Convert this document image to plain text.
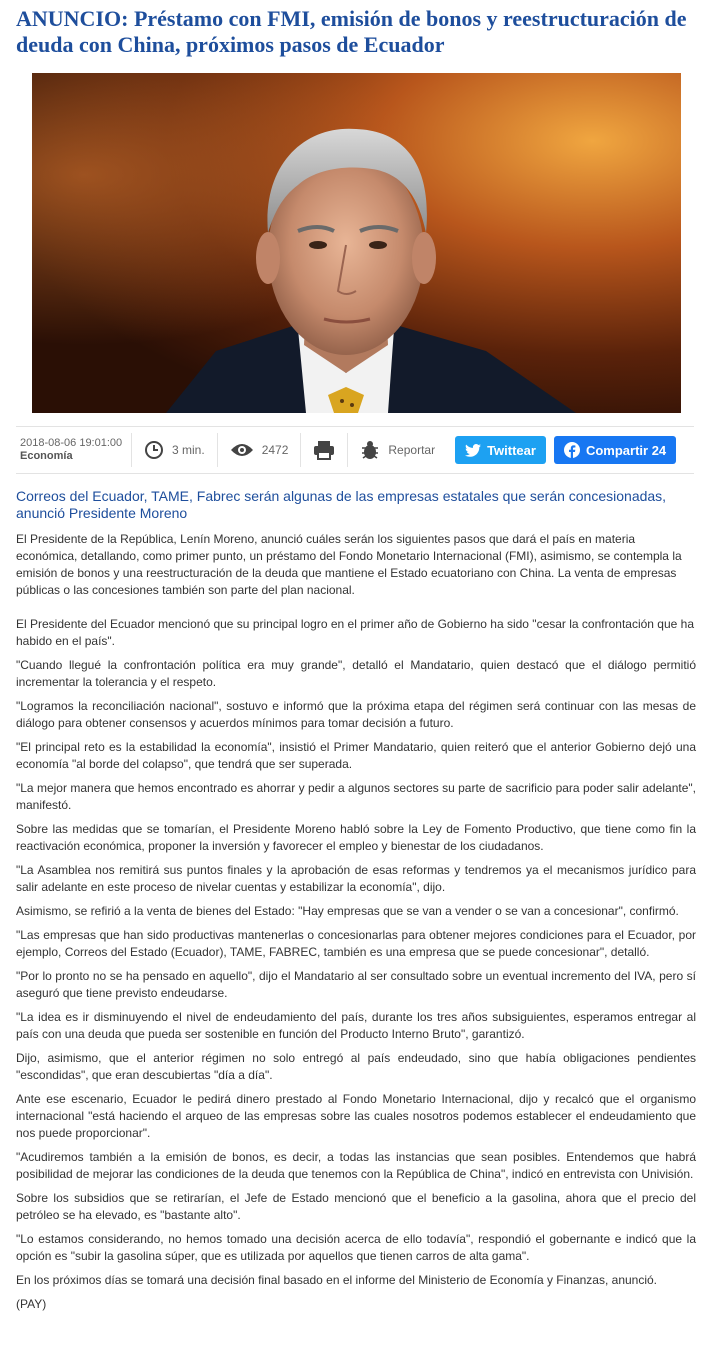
ANUNCIO: Préstamo con FMI, emisión de bonos y reestructuración de deuda con China, próximos pasos de Ecuador
2018-08-06 19:01:00
Economía	3 min.	2472	Reportar	Twittear	Compartir 24

Correos del Ecuador, TAME, Fabrec serán algunas de las empresas estatales que serán concesionadas, anunció Presidente Moreno

El Presidente de la República, Lenín Moreno, anunció cuáles serán los siguientes pasos que dará el país en materia económica, detallando, como primer punto, un préstamo del Fondo Monetario Internacional (FMI), asimismo, se contempla la emisión de bonos y una reestructuración de la deuda que mantiene el Estado ecuatoriano con China. La venta de empresas públicas o las concesiones también son parte del plan nacional.

El Presidente del Ecuador mencionó que su principal logro en el primer año de Gobierno ha sido "cesar la confrontación que ha habido en el país".

"Cuando llegué la confrontación política era muy grande", detalló el Mandatario, quien destacó que el diálogo permitió incrementar la tolerancia y el respeto.

"Logramos la reconciliación nacional", sostuvo e informó que la próxima etapa del régimen será continuar con las mesas de diálogo para obtener consensos y acuerdos mínimos para tomar decisión a futuro.

"El principal reto es la estabilidad la economía", insistió el Primer Mandatario, quien reiteró que el anterior Gobierno dejó una economía "al borde del colapso", que tendrá que ser superada.

"La mejor manera que hemos encontrado es ahorrar y pedir a algunos sectores su parte de sacrificio para poder salir adelante", manifestó.

Sobre las medidas que se tomarían, el Presidente Moreno habló sobre la Ley de Fomento Productivo, que tiene como fin la reactivación económica, proponer la inversión y favorecer el empleo y bienestar de los ciudadanos.

"La Asamblea nos remitirá sus puntos finales y la aprobación de esas reformas y tendremos ya el mecanismos jurídico para salir adelante en este proceso de nivelar cuentas y estabilizar la economía", dijo.

Asimismo, se refirió a la venta de bienes del Estado: "Hay empresas que se van a vender o se van a concesionar", confirmó.

"Las empresas que han sido productivas mantenerlas o concesionarlas para obtener mejores condiciones para el Ecuador, por ejemplo, Correos del Estado (Ecuador), TAME, FABREC, también es una empresa que se puede concesionar", detalló.

"Por lo pronto no se ha pensado en aquello", dijo el Mandatario al ser consultado sobre un eventual incremento del IVA, pero sí aseguró que tiene previsto endeudarse.

"La idea es ir disminuyendo el nivel de endeudamiento del país, durante los tres años subsiguientes, esperamos entregar al país con una deuda que pueda ser sostenible en función del Producto Interno Bruto", garantizó.

Dijo, asimismo, que el anterior régimen no solo entregó al país endeudado, sino que había obligaciones pendientes "escondidas", que eran descubiertas "día a día".

Ante ese escenario, Ecuador le pedirá dinero prestado al Fondo Monetario Internacional, dijo y recalcó que el organismo internacional "está haciendo el arqueo de las empresas sobre las cuales nosotros podemos establecer el endeudamiento que nos puede proporcionar".

"Acudiremos también a la emisión de bonos, es decir, a todas las instancias que sean posibles. Entendemos que habrá posibilidad de mejorar las condiciones de la deuda que tenemos con la República de China", indicó en entrevista con Univisión.

Sobre los subsidios que se retirarían, el Jefe de Estado mencionó que el beneficio a la gasolina, ahora que el precio del petróleo se ha elevado, es "bastante alto".

"Lo estamos considerando, no hemos tomado una decisión acerca de ello todavía", respondió el gobernante e indicó que la opción es "subir la gasolina súper, que es utilizada por aquellos que tienen carros de alta gama".

En los próximos días se tomará una decisión final basado en el informe del Ministerio de Economía y Finanzas, anunció.

(PAY)
